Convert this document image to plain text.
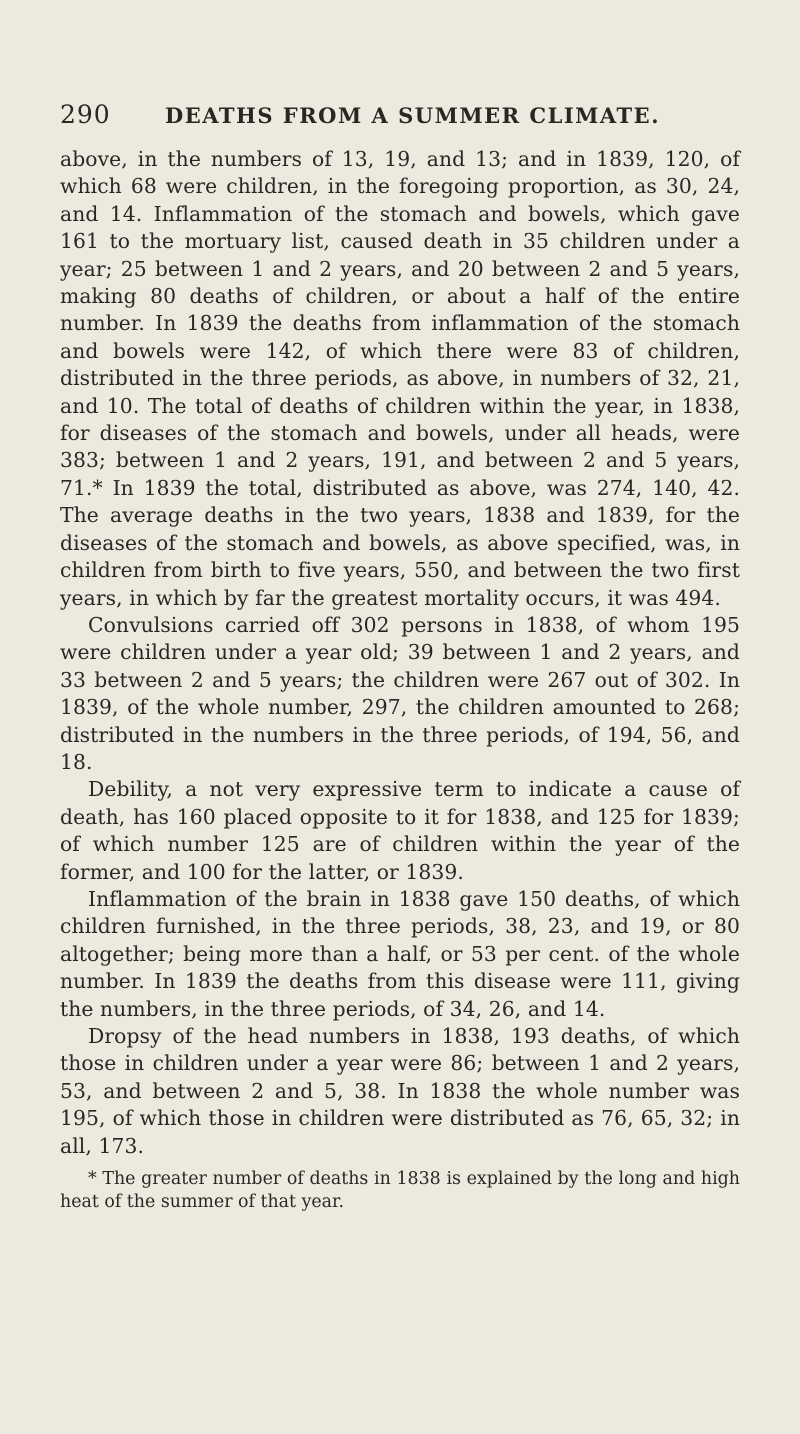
290	DEATHS FROM A SUMMER CLIMATE.

above, in the numbers of 13, 19, and 13; and in 1839, 120, of which 68 were children, in the foregoing proportion, as 30, 24, and 14. Inflammation of the stomach and bowels, which gave 161 to the mortuary list, caused death in 35 children under a year; 25 between 1 and 2 years, and 20 between 2 and 5 years, making 80 deaths of children, or about a half of the entire number. In 1839 the deaths from inflammation of the stomach and bowels were 142, of which there were 83 of children, distributed in the three periods, as above, in numbers of 32, 21, and 10. The total of deaths of children within the year, in 1838, for diseases of the stomach and bowels, under all heads, were 383; between 1 and 2 years, 191, and between 2 and 5 years, 71.* In 1839 the total, distributed as above, was 274, 140, 42. The average deaths in the two years, 1838 and 1839, for the diseases of the stomach and bowels, as above specified, was, in children from birth to five years, 550, and between the two first years, in which by far the greatest mortality occurs, it was 494.

Convulsions carried off 302 persons in 1838, of whom 195 were children under a year old; 39 between 1 and 2 years, and 33 between 2 and 5 years; the children were 267 out of 302. In 1839, of the whole number, 297, the children amounted to 268; distributed in the numbers in the three periods, of 194, 56, and 18.

Debility, a not very expressive term to indicate a cause of death, has 160 placed opposite to it for 1838, and 125 for 1839; of which number 125 are of children within the year of the former, and 100 for the latter, or 1839.

Inflammation of the brain in 1838 gave 150 deaths, of which children furnished, in the three periods, 38, 23, and 19, or 80 altogether; being more than a half, or 53 per cent. of the whole number. In 1839 the deaths from this disease were 111, giving the numbers, in the three periods, of 34, 26, and 14.

Dropsy of the head numbers in 1838, 193 deaths, of which those in children under a year were 86; between 1 and 2 years, 53, and between 2 and 5, 38. In 1838 the whole number was 195, of which those in children were distributed as 76, 65, 32; in all, 173.

* The greater number of deaths in 1838 is explained by the long and high heat of the summer of that year.
